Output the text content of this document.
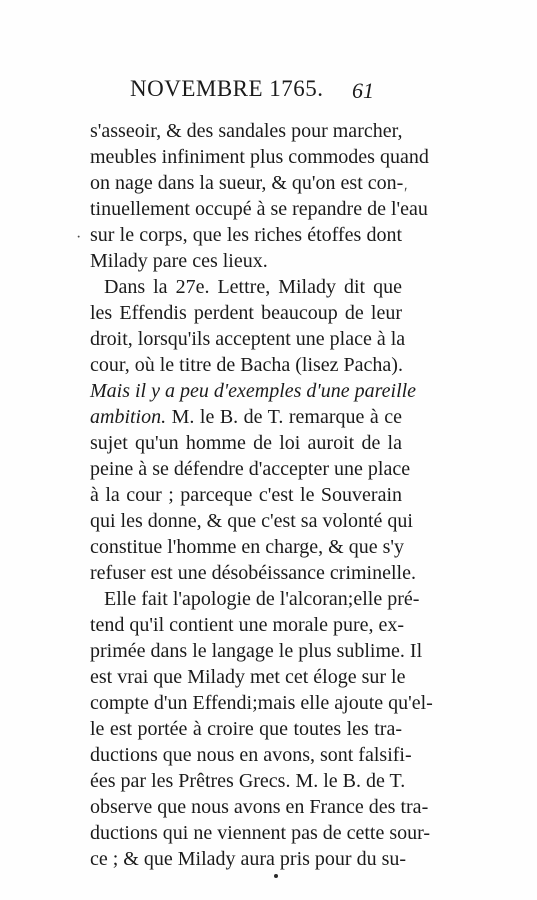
NOVEMBRE 1765.	61
s'asseoir, & des sandales pour marcher,
meubles infiniment plus commodes quand
on nage dans la sueur, & qu'on est con-
tinuellement occupé à se repandre de l'eau
sur le corps, que les riches étoffes dont
Milady pare ces lieux.
Dans la 27e. Lettre, Milady dit que
les Effendis perdent beaucoup de leur
droit, lorsqu'ils acceptent une place à la
cour, où le titre de Bacha (lisez Pacha).
Mais il y a peu d'exemples d'une pareille
ambition. M. le B. de T. remarque à ce
sujet qu'un homme de loi auroit de la
peine à se défendre d'accepter une place
à la cour ; parceque c'est le Souverain
qui les donne, & que c'est sa volonté qui
constitue l'homme en charge, & que s'y
refuser est une désobéissance criminelle.
Elle fait l'apologie de l'alcoran;elle pré-
tend qu'il contient une morale pure, ex-
primée dans le langage le plus sublime. Il
est vrai que Milady met cet éloge sur le
compte d'un Effendi;mais elle ajoute qu'el-
le est portée à croire que toutes les tra-
ductions que nous en avons, sont falsifi-
ées par les Prêtres Grecs. M. le B. de T.
observe que nous avons en France des tra-
ductions qui ne viennent pas de cette sour-
ce ; & que Milady aura pris pour du su-
ʹ
·
